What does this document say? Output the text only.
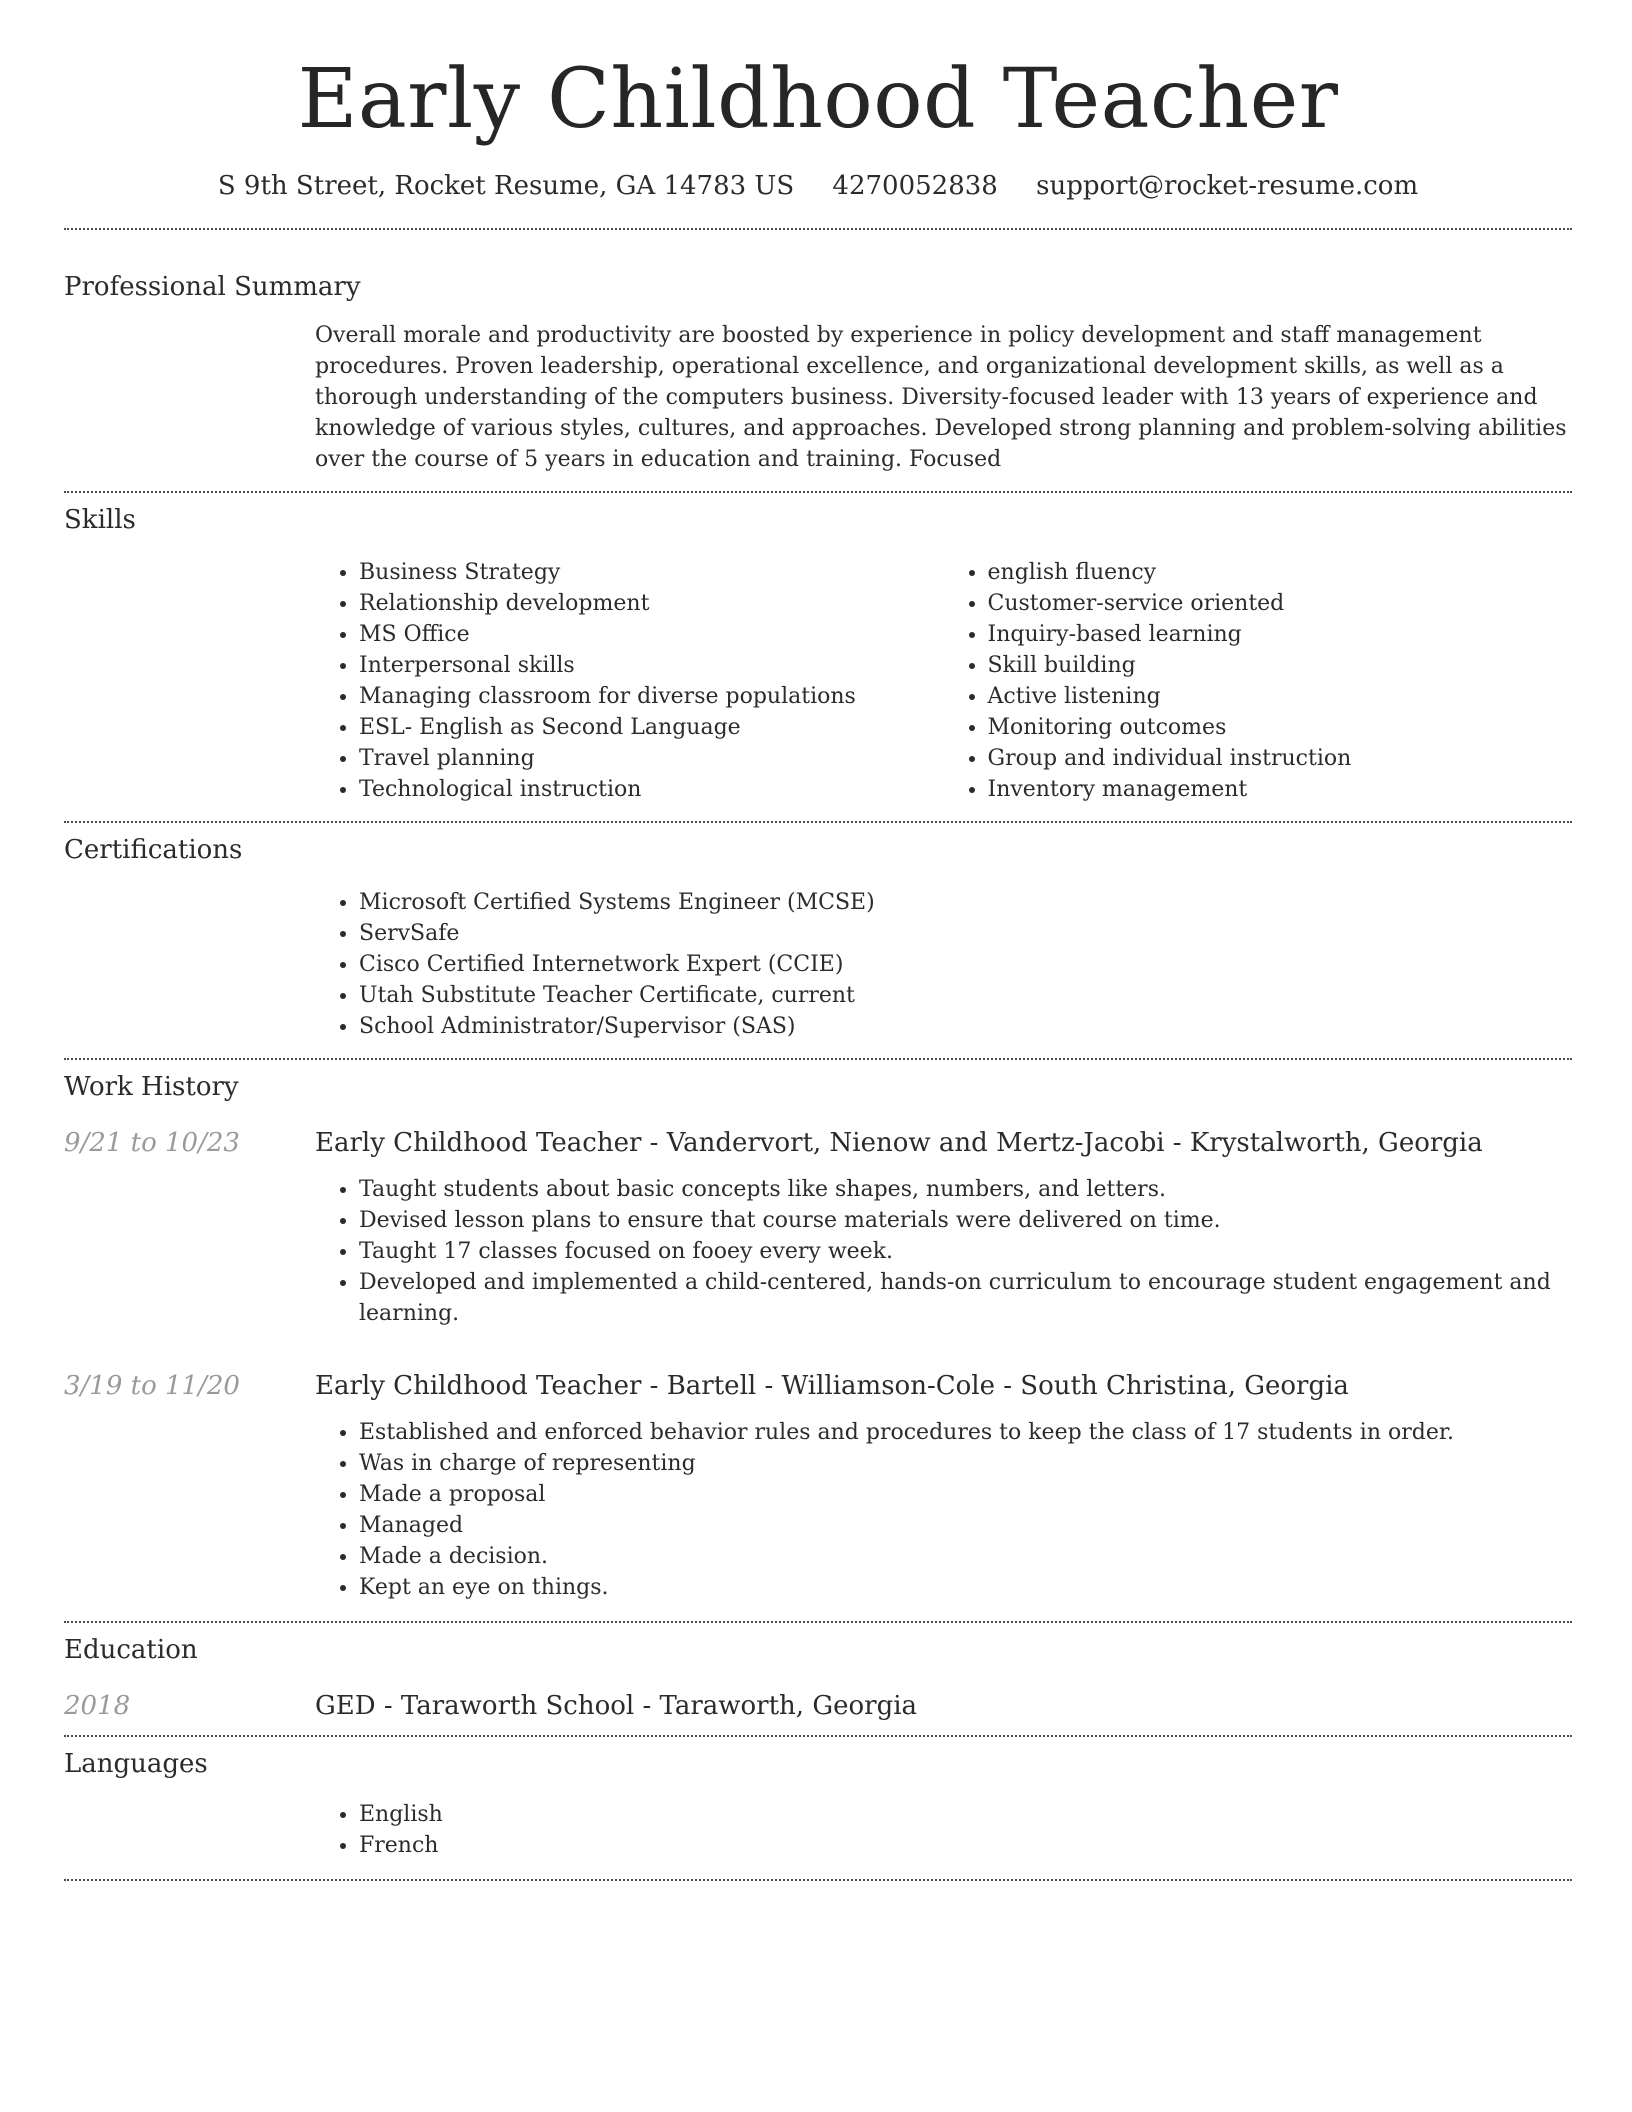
Early Childhood Teacher
S 9th Street, Rocket Resume, GA 14783 US 4270052838 support@rocket-resume.com
Professional Summary

Overall morale and productivity are boosted by experience in policy development and staff management procedures. Proven leadership, operational excellence, and organizational development skills, as well as a thorough understanding of the computers business. Diversity-focused leader with 13 years of experience and knowledge of various styles, cultures, and approaches. Developed strong planning and problem-solving abilities over the course of 5 years in education and training. Focused

Skills
• Business Strategy
• Relationship development
• MS Office
• Interpersonal skills
• Managing classroom for diverse populations
• ESL- English as Second Language
• Travel planning
• Technological instruction
• english fluency
• Customer-service oriented
• Inquiry-based learning
• Skill building
• Active listening
• Monitoring outcomes
• Group and individual instruction
• Inventory management
Certifications
• Microsoft Certified Systems Engineer (MCSE)
• ServSafe
• Cisco Certified Internetwork Expert (CCIE)
• Utah Substitute Teacher Certificate, current
• School Administrator/Supervisor (SAS)
Work History
9/21 to 10/23	Early Childhood Teacher - Vandervort, Nienow and Mertz-Jacobi - Krystalworth, Georgia
• Taught students about basic concepts like shapes, numbers, and letters.
• Devised lesson plans to ensure that course materials were delivered on time.
• Taught 17 classes focused on fooey every week.
• Developed and implemented a child-centered, hands-on curriculum to encourage student engagement and learning.
3/19 to 11/20	Early Childhood Teacher - Bartell - Williamson-Cole - South Christina, Georgia
• Established and enforced behavior rules and procedures to keep the class of 17 students in order.
• Was in charge of representing
• Made a proposal
• Managed
• Made a decision.
• Kept an eye on things.
Education
2018	GED - Taraworth School - Taraworth, Georgia
Languages
• English
• French
